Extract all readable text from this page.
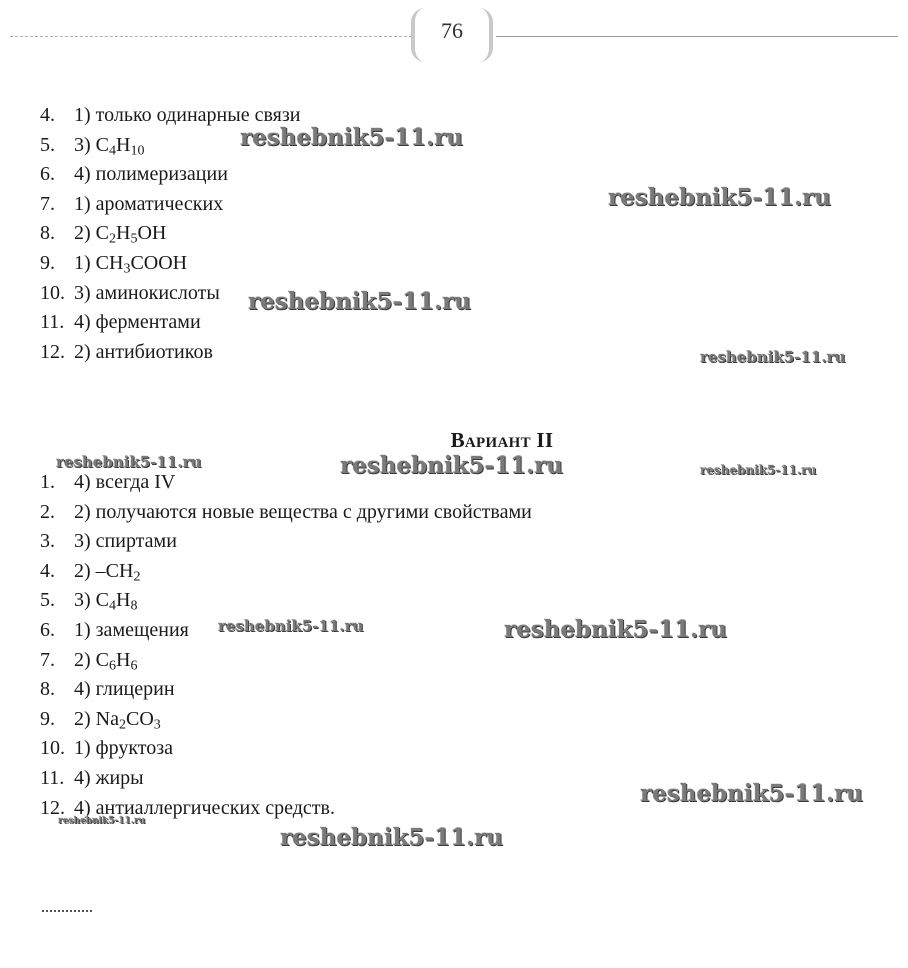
76
4. 1) только одинарные связи
5. 3) $C_4H_{10}$
6. 4) полимеризации
7. 1) ароматических
8. 2) $C_2H_5OH$
9. 1) $CH_3COOH$
10. 3) аминокислоты
11. 4) ферментами
12. 2) антибиотиков
Вариант II
1. 4) всегда IV
2. 2) получаются новые вещества с другими свойствами
3. 3) спиртами
4. 2) $-CH_2$
5. 3) $C_4H_8$
6. 1) замещения
7. 2) $C_6H_6$
8. 4) глицерин
9. 2) $Na_2CO_3$
10. 1) фруктоза
11. 4) жиры
12. 4) антиаллергических средств.
reshebnik5-11.ru
reshebnik5-11.ru
reshebnik5-11.ru
reshebnik5-11.ru
reshebnik5-11.ru	reshebnik5-11.ru	reshebnik5-11.ru
reshebnik5-11.ru	reshebnik5-11.ru
reshebnik5-11.ru
reshebnik5-11.ru
reshebnik5-11.ru
